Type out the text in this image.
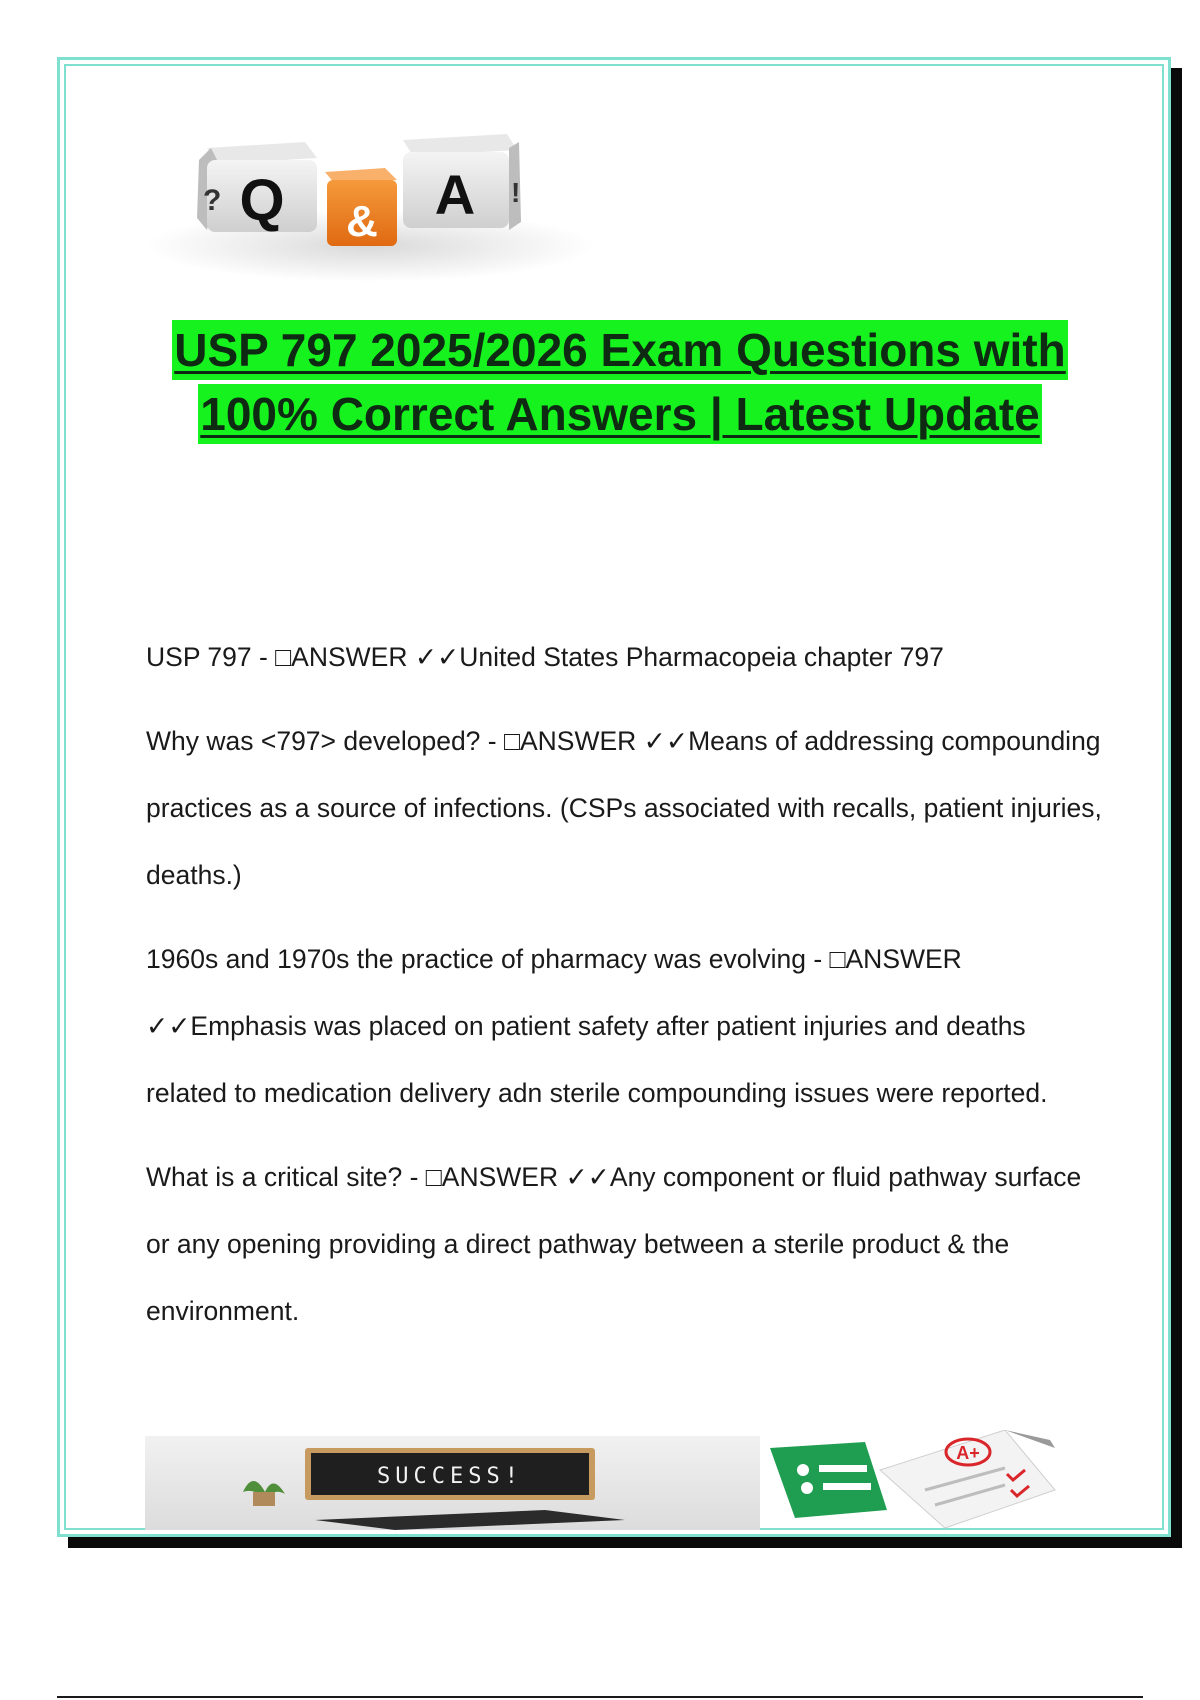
Q
?	& A !
USP 797 2025/2026 Exam Questions with
100% Correct Answers | Latest Update
USP 797 - □ANSWER ✓✓United States Pharmacopeia chapter 797
Why was <797> developed? - □ANSWER ✓✓Means of addressing compounding practices as a source of infections. (CSPs associated with recalls, patient injuries, deaths.)
1960s and 1970s the practice of pharmacy was evolving - □ANSWER ✓✓Emphasis was placed on patient safety after patient injuries and deaths related to medication delivery adn sterile compounding issues were reported.
What is a critical site? - □ANSWER ✓✓Any component or fluid pathway surface or any opening providing a direct pathway between a sterile product & the environment.
SUCCESS!
A+
